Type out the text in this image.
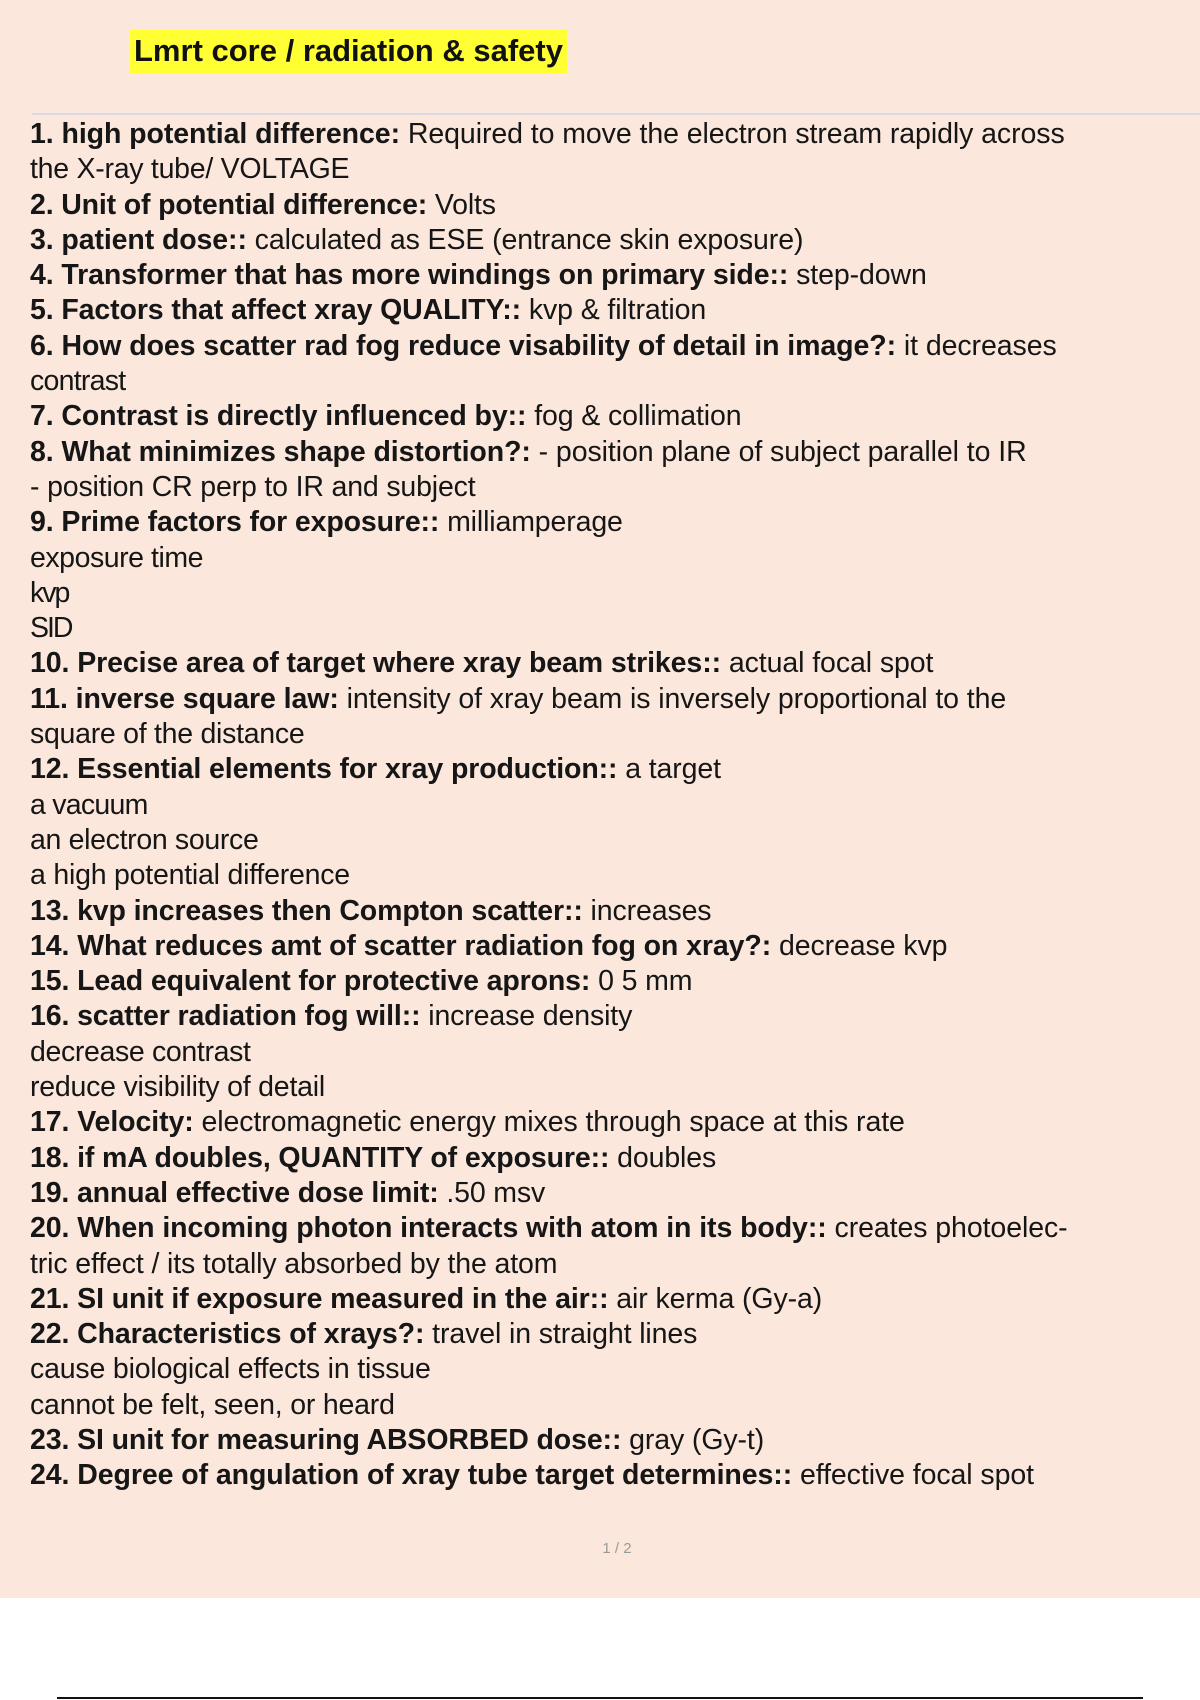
Lmrt core / radiation & safety
1. high potential difference: Required to move the electron stream rapidly across
the X-ray tube/ VOLTAGE
2. Unit of potential difference: Volts
3. patient dose:: calculated as ESE (entrance skin exposure)
4. Transformer that has more windings on primary side:: step-down
5. Factors that affect xray QUALITY:: kvp & filtration
6. How does scatter rad fog reduce visability of detail in image?: it decreases
contrast
7. Contrast is directly influenced by:: fog & collimation
8. What minimizes shape distortion?: - position plane of subject parallel to IR
- position CR perp to IR and subject
9. Prime factors for exposure:: milliamperage
exposure time
kvp
SID
10. Precise area of target where xray beam strikes:: actual focal spot
11. inverse square law: intensity of xray beam is inversely proportional to the
square of the distance
12. Essential elements for xray production:: a target
a vacuum
an electron source
a high potential difference
13. kvp increases then Compton scatter:: increases
14. What reduces amt of scatter radiation fog on xray?: decrease kvp
15. Lead equivalent for protective aprons: 0 5 mm
16. scatter radiation fog will:: increase density
decrease contrast
reduce visibility of detail
17. Velocity: electromagnetic energy mixes through space at this rate
18. if mA doubles, QUANTITY of exposure:: doubles
19. annual effective dose limit: .50 msv
20. When incoming photon interacts with atom in its body:: creates photoelec-
tric effect / its totally absorbed by the atom
21. SI unit if exposure measured in the air:: air kerma (Gy-a)
22. Characteristics of xrays?: travel in straight lines
cause biological effects in tissue
cannot be felt, seen, or heard
23. SI unit for measuring ABSORBED dose:: gray (Gy-t)
24. Degree of angulation of xray tube target determines:: effective focal spot
1 / 2
